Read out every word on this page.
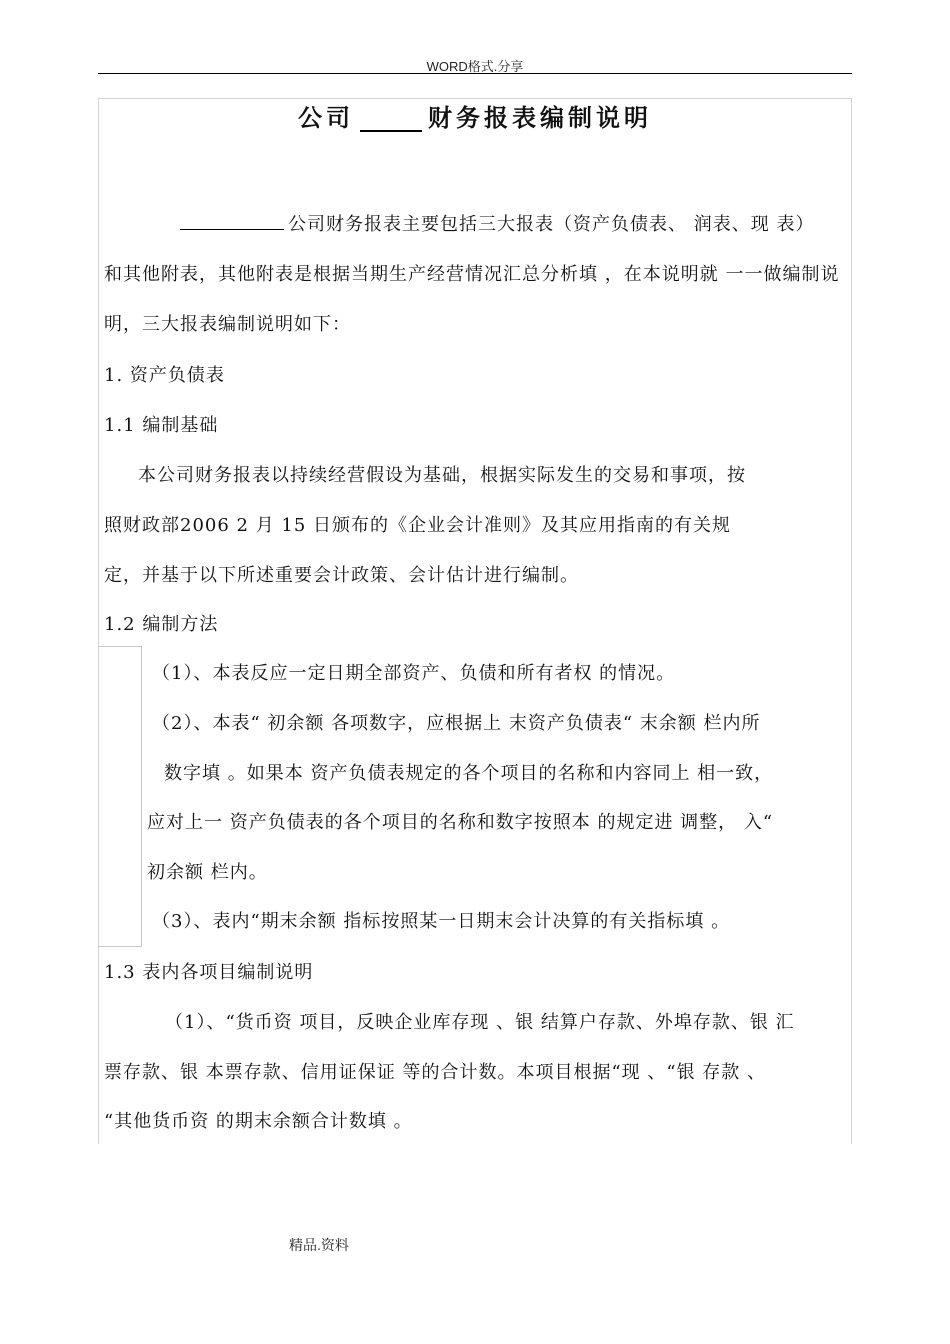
WORD格式.分享
公司	财务报表编制说明
公司财务报表主要包括三大报表（资产负债表、 润表、现 表）
和其他附表，其他附表是根据当期生产经营情况汇总分析填 ，在本说明就 一一做编制说
明，三大报表编制说明如下：
1. 资产负债表
1.1 编制基础
本公司财务报表以持续经营假设为基础，根据实际发生的交易和事项，按
照财政部2006 2 月 15 日颁布的《企业会计准则》及其应用指南的有关规
定，并基于以下所述重要会计政策、会计估计进行编制。
1.2 编制方法
（1）、本表反应一定日期全部资产、负债和所有者权 的情况。
（2）、本表“ 初余额 各项数字，应根据上 末资产负债表“ 末余额 栏内所
数字填 。如果本 资产负债表规定的各个项目的名称和内容同上 相一致，
应对上一 资产负债表的各个项目的名称和数字按照本 的规定进 调整， 入“
初余额 栏内。
（3）、表内“期末余额 指标按照某一日期末会计决算的有关指标填 。
1.3 表内各项目编制说明
（1）、“货币资 项目，反映企业库存现 、银 结算户存款、外埠存款、银 汇
票存款、银 本票存款、信用证保证 等的合计数。本项目根据“现 、“银 存款 、
“其他货币资 的期末余额合计数填 。
精品.资料
